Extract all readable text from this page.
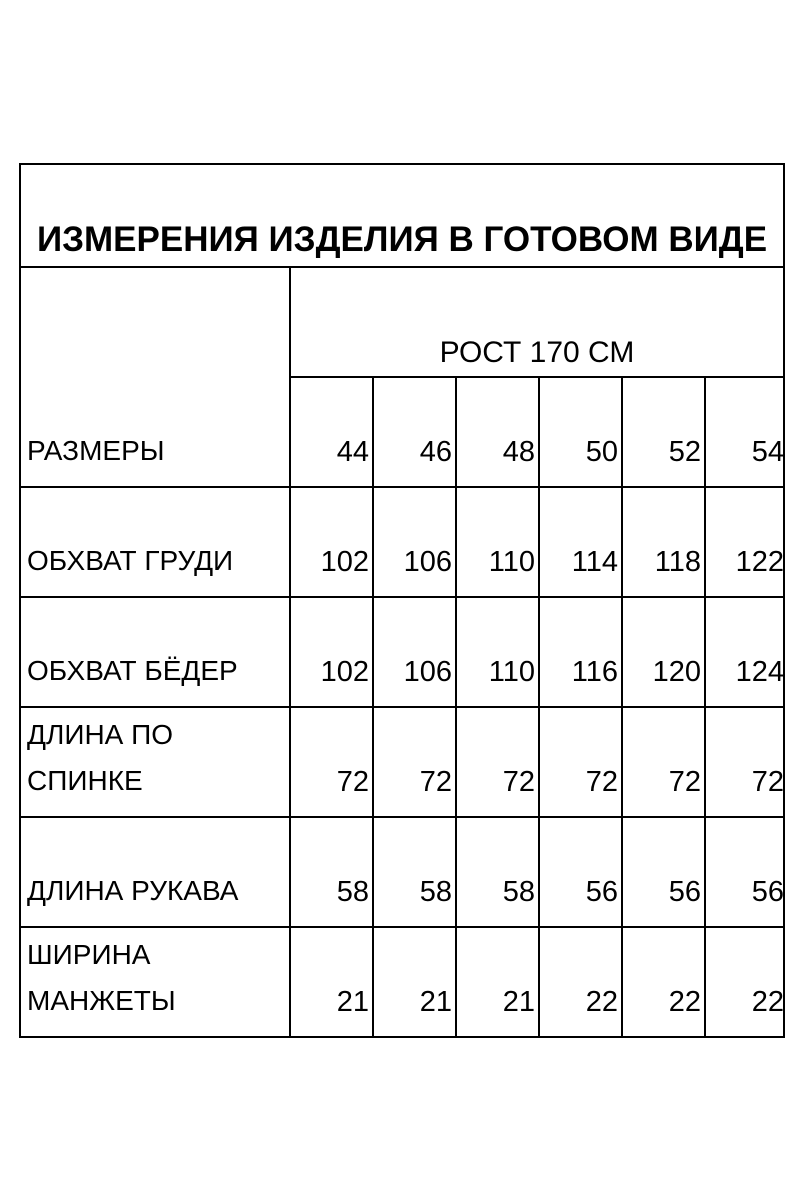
ИЗМЕРЕНИЯ ИЗДЕЛИЯ В ГОТОВОМ ВИДЕ
РОСТ 170 СМ
РАЗМЕРЫ	44	46	48	50	52	54
ОБХВАТ ГРУДИ	102	106	110	114	118	122
ОБХВАТ БЁДЕР	102	106	110	116	120	124
ДЛИНА ПО
СПИНКЕ	72	72	72	72	72	72
ДЛИНА РУКАВА	58	58	58	56	56	56
ШИРИНА
МАНЖЕТЫ	21	21	21	22	22	22
